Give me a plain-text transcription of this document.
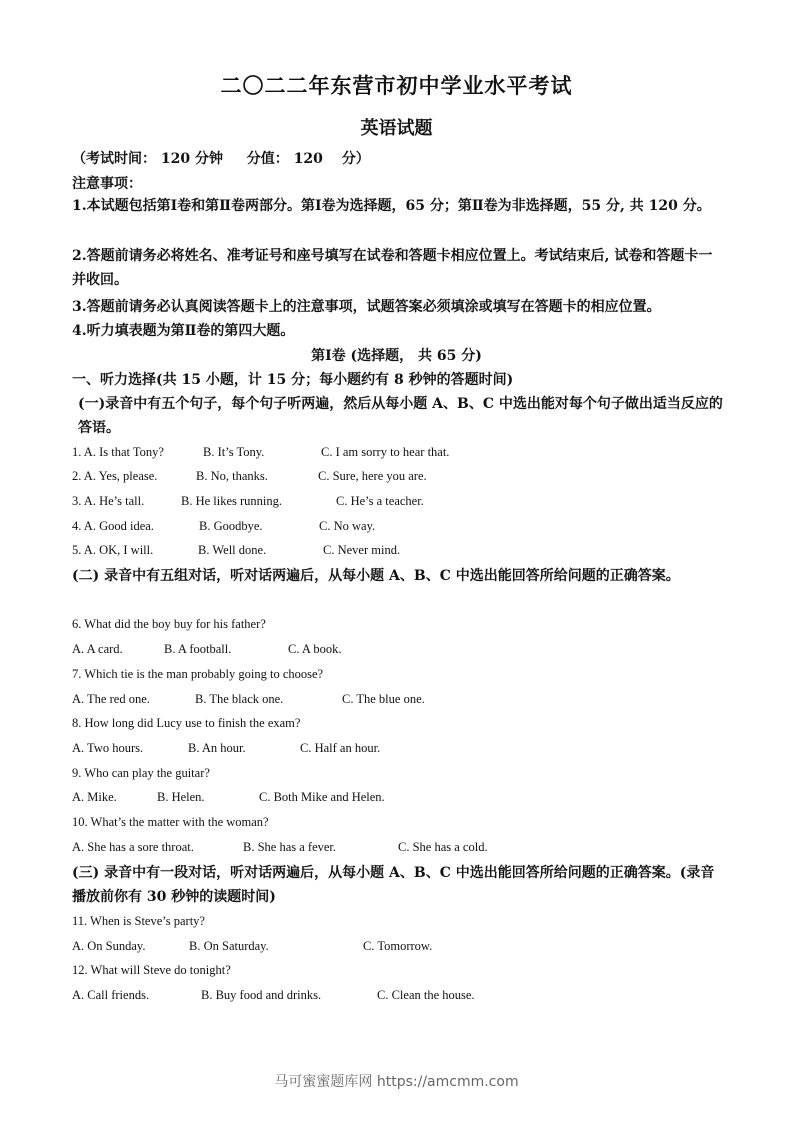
二〇二二年东营市初中学业水平考试
英语试题
（考试时间： 120 分钟 　 分值： 120 　分）
注意事项：
1.本试题包括第Ⅰ卷和第Ⅱ卷两部分。第Ⅰ卷为选择题，65 分；第Ⅱ卷为非选择题，55 分, 共 120 分。
2.答题前请务必将姓名、准考证号和座号填写在试卷和答题卡相应位置上。考试结束后, 试卷和答题卡一并收回。
3.答题前请务必认真阅读答题卡上的注意事项，试题答案必须填涂或填写在答题卡的相应位置。
4.听力填表题为第Ⅱ卷的第四大题。
第Ⅰ卷 (选择题， 共 65 分)
一、听力选择(共 15 小题，计 15 分；每小题约有 8 秒钟的答题时间)
(一)录音中有五个句子，每个句子听两遍，然后从每小题 A、B、C 中选出能对每个句子做出适当反应的答语。
1. A. Is that Tony?	B. It’s Tony.	C. I am sorry to hear that.
2. A. Yes, please.	B. No, thanks.	C. Sure, here you are.
3. A. He’s tall.	B. He likes running.	C. He’s a teacher.
4. A. Good idea.	B. Goodbye.	C. No way.
5. A. OK, I will.	B. Well done.	C. Never mind.
(二) 录音中有五组对话，听对话两遍后，从每小题 A、B、C 中选出能回答所给问题的正确答案。
6. What did the boy buy for his father?
A. A card.	B. A football.	C. A book.
7. Which tie is the man probably going to choose?
A. The red one.	B. The black one.	C. The blue one.
8. How long did Lucy use to finish the exam?
A. Two hours.	B. An hour.	C. Half an hour.
9. Who can play the guitar?
A. Mike.	B. Helen.	C. Both Mike and Helen.
10. What’s the matter with the woman?
A. She has a sore throat.	B. She has a fever.	C. She has a cold.
(三) 录音中有一段对话，听对话两遍后，从每小题 A、B、C 中选出能回答所给问题的正确答案。(录音播放前你有 30 秒钟的读题时间)
11. When is Steve’s party?
A. On Sunday.	B. On Saturday.	C. Tomorrow.
12. What will Steve do tonight?
A. Call friends.	B. Buy food and drinks.	C. Clean the house.
马可蜜蜜题库网 https://amcmm.com
